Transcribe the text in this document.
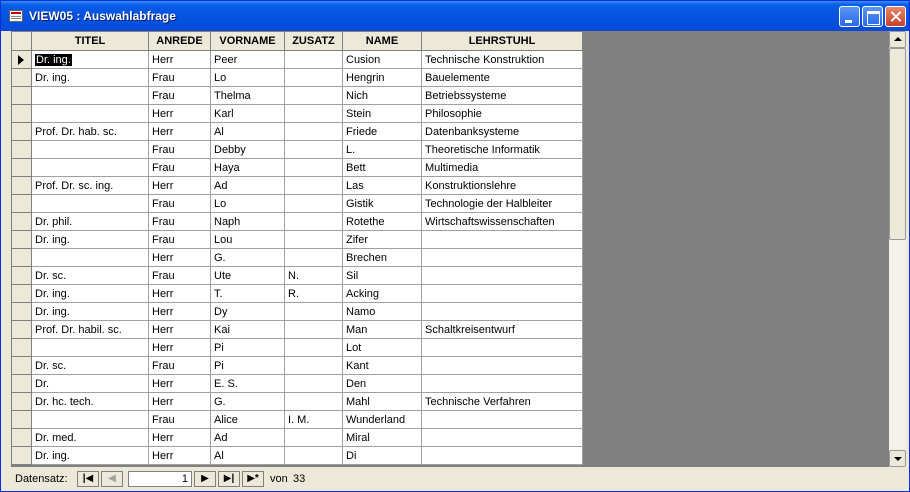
VIEW05 : Auswahlabfrage
	TITEL	ANREDE	VORNAME	ZUSATZ	NAME	LEHRSTUHL

	Dr. ing.	Herr	Peer		Cusion	Technische Konstruktion
	Dr. ing.	Frau	Lo		Hengrin	Bauelemente
		Frau	Thelma		Nich	Betriebssysteme
		Herr	Karl		Stein	Philosophie
	Prof. Dr. hab. sc.	Herr	Al		Friede	Datenbanksysteme
		Frau	Debby		L.	Theoretische Informatik
		Frau	Haya		Bett	Multimedia
	Prof. Dr. sc. ing.	Herr	Ad		Las	Konstruktionslehre
		Frau	Lo		Gistik	Technologie der Halbleiter
	Dr. phil.	Frau	Naph		Rotethe	Wirtschaftswissenschaften
	Dr. ing.	Frau	Lou		Zifer	
		Herr	G.		Brechen	
	Dr. sc.	Frau	Ute	N.	Sil	
	Dr. ing.	Herr	T.	R.	Acking	
	Dr. ing.	Herr	Dy		Namo	
	Prof. Dr. habil. sc.	Herr	Kai		Man	Schaltkreisentwurf
		Herr	Pi		Lot	
	Dr. sc.	Frau	Pi		Kant	
	Dr.	Herr	E. S.		Den	
	Dr. hc. tech.	Herr	G.		Mahl	Technische Verfahren
		Frau	Alice	I. M.	Wunderland	
	Dr. med.	Herr	Ad		Miral	
	Dr. ing.	Herr	Al		Di	
Datensatz:	|◀	◀	1	▶	▶|	▶*	von 33
